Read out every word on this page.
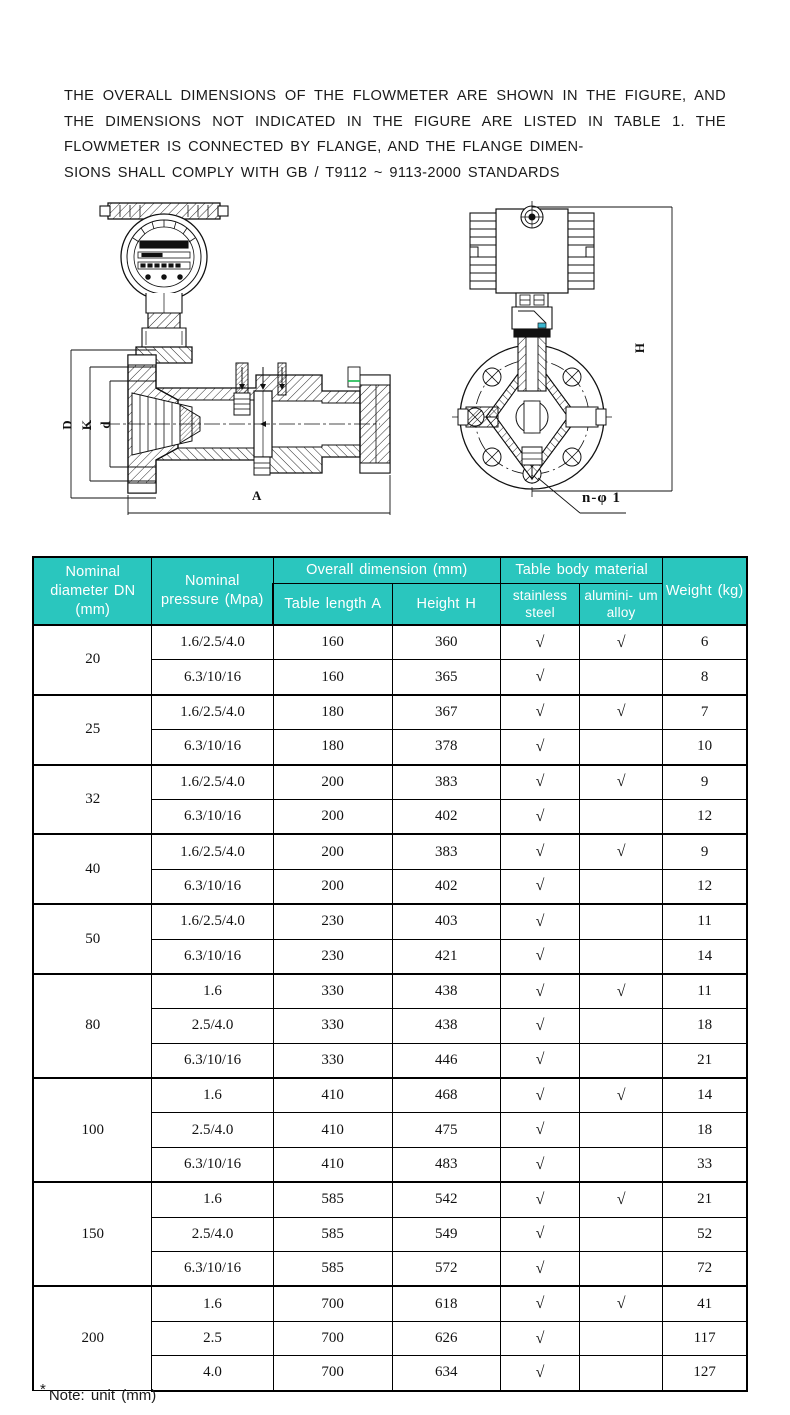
THE OVERALL DIMENSIONS OF THE FLOWMETER ARE SHOWN IN THE FIGURE, AND THE DIMENSIONS NOT INDICATED IN THE FIGURE ARE LISTED IN TABLE 1. THE FLOWMETER IS CONNECTED BY FLANGE, AND THE FLANGE DIMEN-
SIONS SHALL COMPLY WITH GB / T9112 ~ 9113-2000 STANDARDS
D K d
A
H
n-φ 1
Nominal diameter DN (mm)	Nominal pressure (Mpa)	Overall dimension (mm)		Table body material		Weight (kg)
		Table length A	Height H	stainless steel	alumini- um alloy	
20	1.6/2.5/4.0	160	360	√	√	6
	6.3/10/16	160	365	√		8
25	1.6/2.5/4.0	180	367	√	√	7
	6.3/10/16	180	378	√		10
32	1.6/2.5/4.0	200	383	√	√	9
	6.3/10/16	200	402	√		12
40	1.6/2.5/4.0	200	383	√	√	9
	6.3/10/16	200	402	√		12
50	1.6/2.5/4.0	230	403	√		11
	6.3/10/16	230	421	√		14
80	1.6	330	438	√	√	11
	2.5/4.0	330	438	√		18
	6.3/10/16	330	446	√		21
100	1.6	410	468	√	√	14
	2.5/4.0	410	475	√		18
	6.3/10/16	410	483	√		33
150	1.6	585	542	√	√	21
	2.5/4.0	585	549	√		52
	6.3/10/16	585	572	√		72
200	1.6	700	618	√	√	41
	2.5	700	626	√		117
	4.0	700	634	√		127
* Note: unit (mm)
